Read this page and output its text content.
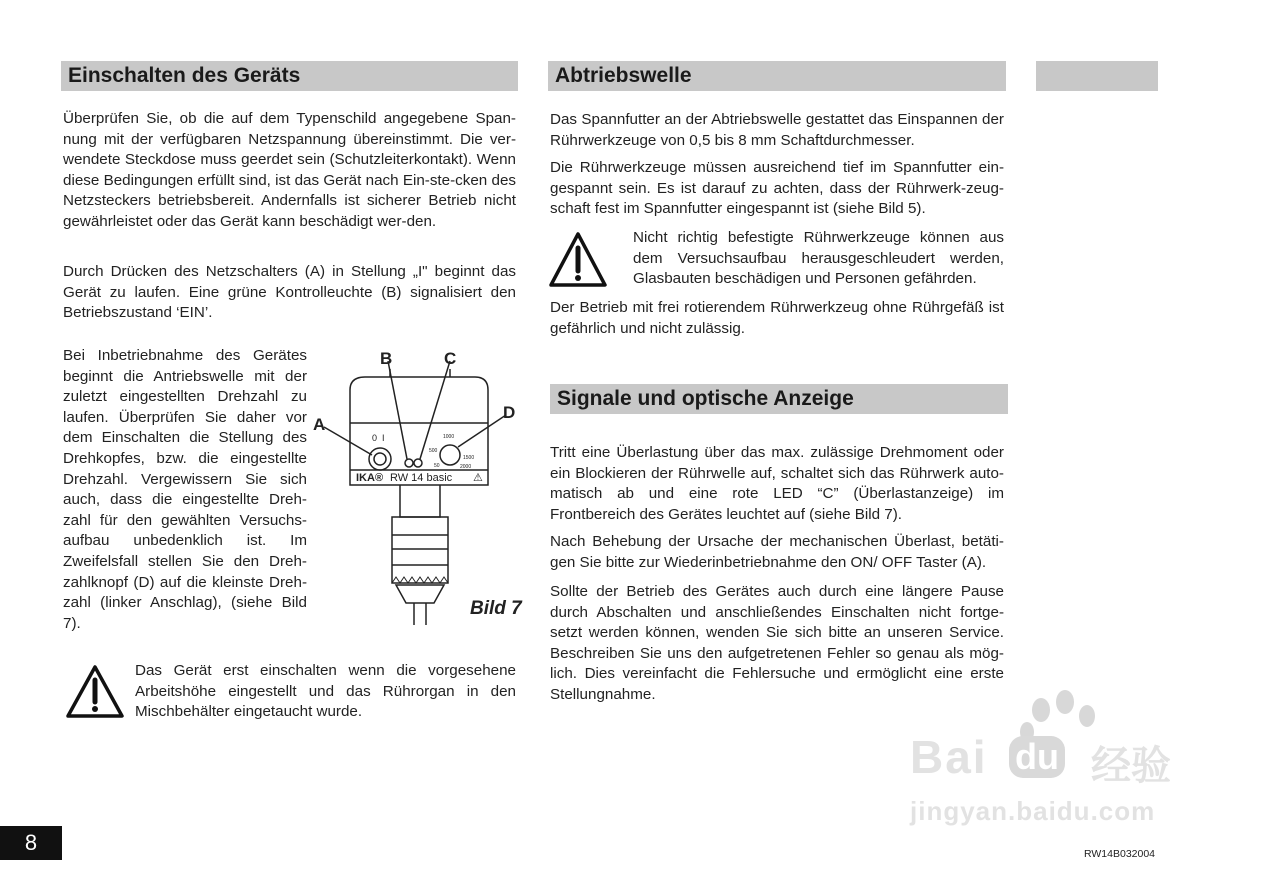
Einschalten des Geräts

Überprüfen Sie, ob die auf dem Typenschild angegebene Span-nung mit der verfügbaren Netzspannung übereinstimmt. Die ver-wendete Steckdose muss geerdet sein (Schutzleiterkontakt). Wenn diese Bedingungen erfüllt sind, ist das Gerät nach Ein-ste-cken des Netzsteckers betriebsbereit. Andernfalls ist sicherer Betrieb nicht gewährleistet oder das Gerät kann beschädigt wer-den.

Durch Drücken des Netzschalters (A) in Stellung „I" beginnt das Gerät zu laufen. Eine grüne Kontrolleuchte (B) signalisiert den Betriebszustand ‘EIN’.

Bei Inbetriebnahme des Gerätes beginnt die Antriebswelle mit der zuletzt eingestellten Drehzahl zu laufen. Überprüfen Sie daher vor dem Einschalten die Stellung des Drehkopfes, bzw. die eingestellte Drehzahl. Vergewissern Sie sich auch, dass die eingestellte Dreh-zahl für den gewählten Versuchs-aufbau unbedenklich ist. Im Zweifelsfall stellen Sie den Dreh-zahlknopf (D) auf die kleinste Dreh-zahl (linker Anschlag), (siehe Bild 7).

B	C
A
D
0  I	1000
500
1500
50	2000
IKA® RW 14 basic ⚠
Bild 7

Das Gerät erst einschalten wenn die vorgesehene Arbeitshöhe eingestellt und das Rührorgan in den Mischbehälter eingetaucht wurde.

Abtriebswelle

Das Spannfutter an der Abtriebswelle gestattet das Einspannen der Rührwerkzeuge von 0,5 bis 8 mm Schaftdurchmesser.

Die Rührwerkzeuge müssen ausreichend tief im Spannfutter ein-gespannt sein. Es ist darauf zu achten, dass der Rührwerk-zeug-schaft fest im Spannfutter eingespannt ist (siehe Bild 5).

Nicht richtig befestigte Rührwerkzeuge können aus dem Versuchsaufbau herausgeschleudert werden, Glasbauten beschädigen und Personen gefährden.

Der Betrieb mit frei rotierendem Rührwerkzeug ohne Rührgefäß ist gefährlich und nicht zulässig.

Signale und optische Anzeige

Tritt eine Überlastung über das max. zulässige Drehmoment oder ein Blockieren der Rührwelle auf, schaltet sich das Rührwerk auto-matisch ab und eine rote LED “C” (Überlastanzeige) im Frontbereich des Gerätes leuchtet auf (siehe Bild 7).

Nach Behebung der Ursache der mechanischen Überlast, betäti-gen Sie bitte zur Wiederinbetriebnahme den ON/ OFF Taster (A).

Sollte der Betrieb des Gerätes auch durch eine längere Pause durch Abschalten und anschließendes Einschalten nicht fortge-setzt werden können, wenden Sie sich bitte an unseren Service. Beschreiben Sie uns den aufgetretenen Fehler so genau als mög-lich. Dies vereinfacht die Fehlersuche und ermöglicht eine erste Stellungnahme.

Bai du 经验
jingyan.baidu.com
8	RW14B032004
